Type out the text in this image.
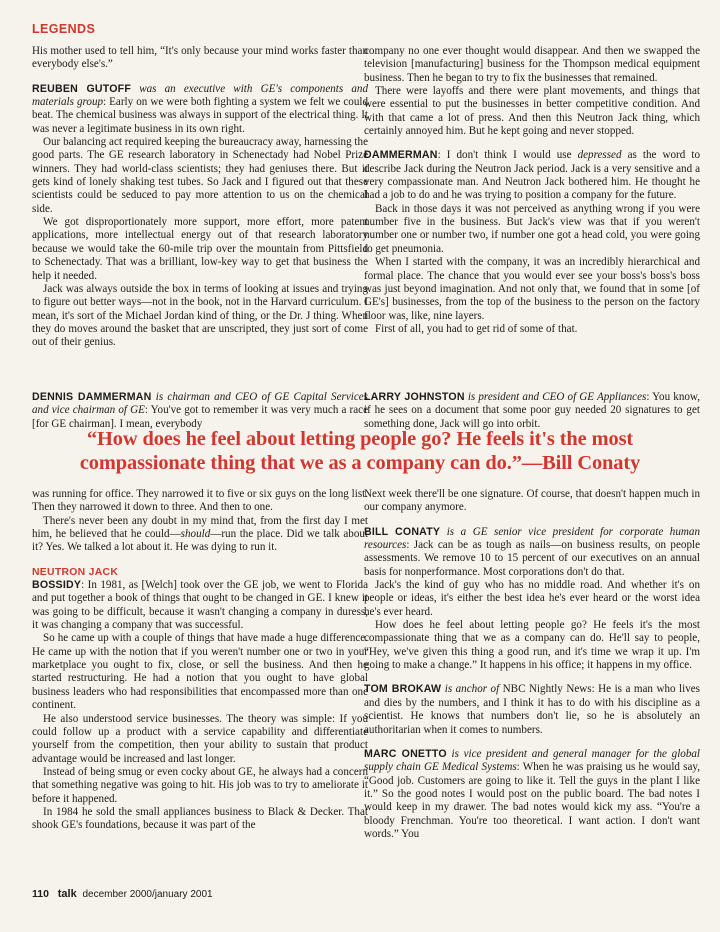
LEGENDS

His mother used to tell him, “It's only because your mind works faster than everybody else's.”

REUBEN GUTOFF was an executive with GE's components and materials group: Early on we were both fighting a system we felt we could beat. The chemical business was always in support of the electrical thing. It was never a legitimate business in its own right.

Our balancing act required keeping the bureaucracy away, harnessing the good parts. The GE research laboratory in Schenectady had Nobel Prize winners. They had world-class scientists; they had geniuses there. But it gets kind of lonely shaking test tubes. So Jack and I figured out that these scientists could be seduced to pay more attention to us on the chemical side.

We got disproportionately more support, more effort, more patent applications, more intellectual energy out of that research laboratory because we would take the 60-mile trip over the mountain from Pittsfield to Schenectady. That was a brilliant, low-key way to get that business the help it needed.

Jack was always outside the box in terms of looking at issues and trying to figure out better ways—not in the book, not in the Harvard curriculum. I mean, it's sort of the Michael Jordan kind of thing, or the Dr. J thing. When they do moves around the basket that are unscripted, they just sort of come out of their genius.

company no one ever thought would disappear. And then we swapped the television [manufacturing] business for the Thompson medical equipment business. Then he began to try to fix the businesses that remained.

There were layoffs and there were plant movements, and things that were essential to put the businesses in better competitive condition. And with that came a lot of press. And then this Neutron Jack thing, which certainly annoyed him. But he kept going and never stopped.

DAMMERMAN: I don't think I would use depressed as the word to describe Jack during the Neutron Jack period. Jack is a very sensitive and a very compassionate man. And Neutron Jack bothered him. He thought he had a job to do and he was trying to position a company for the future.

Back in those days it was not perceived as anything wrong if you were number five in the business. But Jack's view was that if you weren't number one or number two, if number one got a head cold, you were going to get pneumonia.

When I started with the company, it was an incredibly hierarchical and formal place. The chance that you would ever see your boss's boss's boss was just beyond imagination. And not only that, we found that in some [of GE's] businesses, from the top of the business to the person on the factory floor was, like, nine layers.

First of all, you had to get rid of some of that.

DENNIS DAMMERMAN is chairman and CEO of GE Capital Services and vice chairman of GE: You've got to remember it was very much a race [for GE chairman]. I mean, everybody

LARRY JOHNSTON is president and CEO of GE Appliances: You know, if he sees on a document that some poor guy needed 20 signatures to get something done, Jack will go into orbit.

“How does he feel about letting people go? He feels it's the most compassionate thing that we as a company can do.”—Bill Conaty

was running for office. They narrowed it to five or six guys on the long list. Then they narrowed it down to three. And then to one.

There's never been any doubt in my mind that, from the first day I met him, he believed that he could—should—run the place. Did we talk about it? Yes. We talked a lot about it. He was dying to run it.

NEUTRON JACK

BOSSIDY: In 1981, as [Welch] took over the GE job, we went to Florida and put together a book of things that ought to be changed in GE. I knew it was going to be difficult, because it wasn't changing a company in duress, it was changing a company that was successful.

So he came up with a couple of things that have made a huge difference. He came up with the notion that if you weren't number one or two in your marketplace you ought to fix, close, or sell the business. And then he started restructuring. He had a notion that you ought to have global business leaders who had responsibilities that encompassed more than one continent.

He also understood service businesses. The theory was simple: If you could follow up a product with a service capability and differentiate yourself from the competition, then your ability to sustain that product advantage would be increased and last longer.

Instead of being smug or even cocky about GE, he always had a concern that something negative was going to hit. His job was to try to ameliorate it before it happened.

In 1984 he sold the small appliances business to Black & Decker. That shook GE's foundations, because it was part of the

Next week there'll be one signature. Of course, that doesn't happen much in our company anymore.

BILL CONATY is a GE senior vice president for corporate human resources: Jack can be as tough as nails—on business results, on people assessments. We remove 10 to 15 percent of our executives on an annual basis for nonperformance. Most corporations don't do that.

Jack's the kind of guy who has no middle road. And whether it's on people or ideas, it's either the best idea he's ever heard or the worst idea he's ever heard.

How does he feel about letting people go? He feels it's the most compassionate thing that we as a company can do. He'll say to people, “Hey, we've given this thing a good run, and it's time we wrap it up. I'm going to make a change.” It happens in his office; it happens in my office.

TOM BROKAW is anchor of NBC Nightly News: He is a man who lives and dies by the numbers, and I think it has to do with his discipline as a scientist. He knows that numbers don't lie, so he is absolutely an authoritarian when it comes to numbers.

MARC ONETTO is vice president and general manager for the global supply chain GE Medical Systems: When he was praising us he would say, “Good job. Customers are going to like it. Tell the guys in the plant I like it.” So the good notes I would post on the public board. The bad notes I would keep in my drawer. The bad notes would kick my ass. “You're a bloody Frenchman. You're too theoretical. I want action. I don't want words.” You

110 talk december 2000/january 2001
